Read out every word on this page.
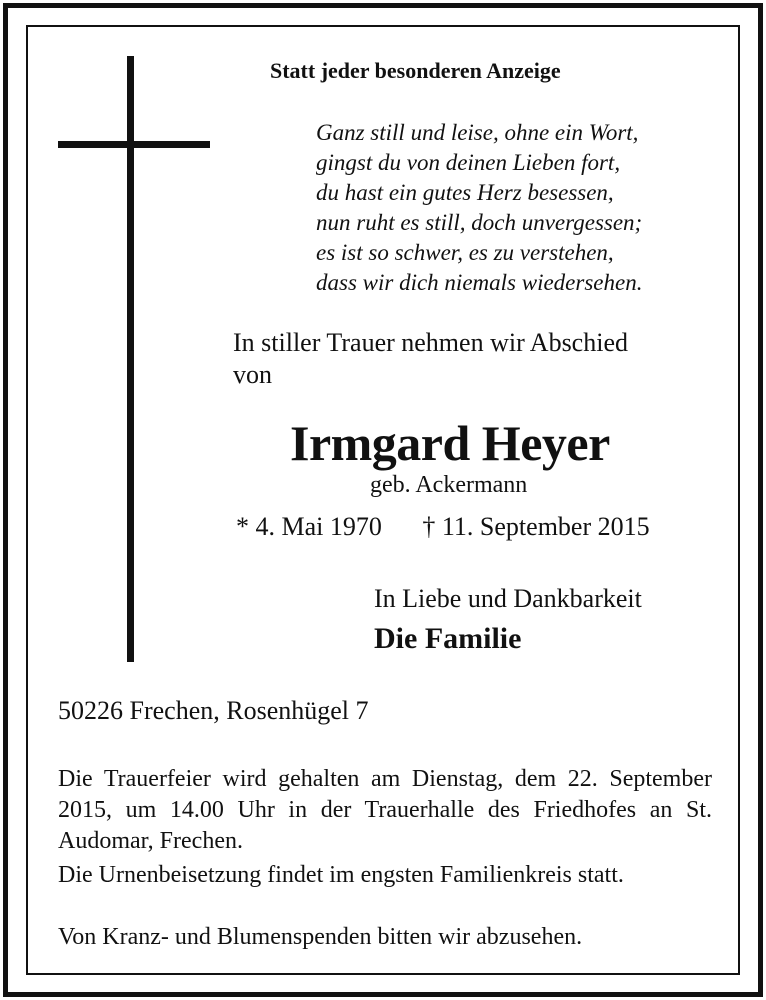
Statt jeder besonderen Anzeige
Ganz still und leise, ohne ein Wort,
gingst du von deinen Lieben fort,
du hast ein gutes Herz besessen,
nun ruht es still, doch unvergessen;
es ist so schwer, es zu verstehen,
dass wir dich niemals wiedersehen.
In stiller Trauer nehmen wir Abschied
von
Irmgard Heyer
geb. Ackermann
* 4. Mai 1970 † 11. September 2015
In Liebe und Dankbarkeit
Die Familie
50226 Frechen, Rosenhügel 7
Die Trauerfeier wird gehalten am Dienstag, dem 22. September 2015, um 14.00 Uhr in der Trauerhalle des Friedhofes an St. Audomar, Frechen.
Die Urnenbeisetzung findet im engsten Familienkreis statt.
Von Kranz- und Blumenspenden bitten wir abzusehen.
